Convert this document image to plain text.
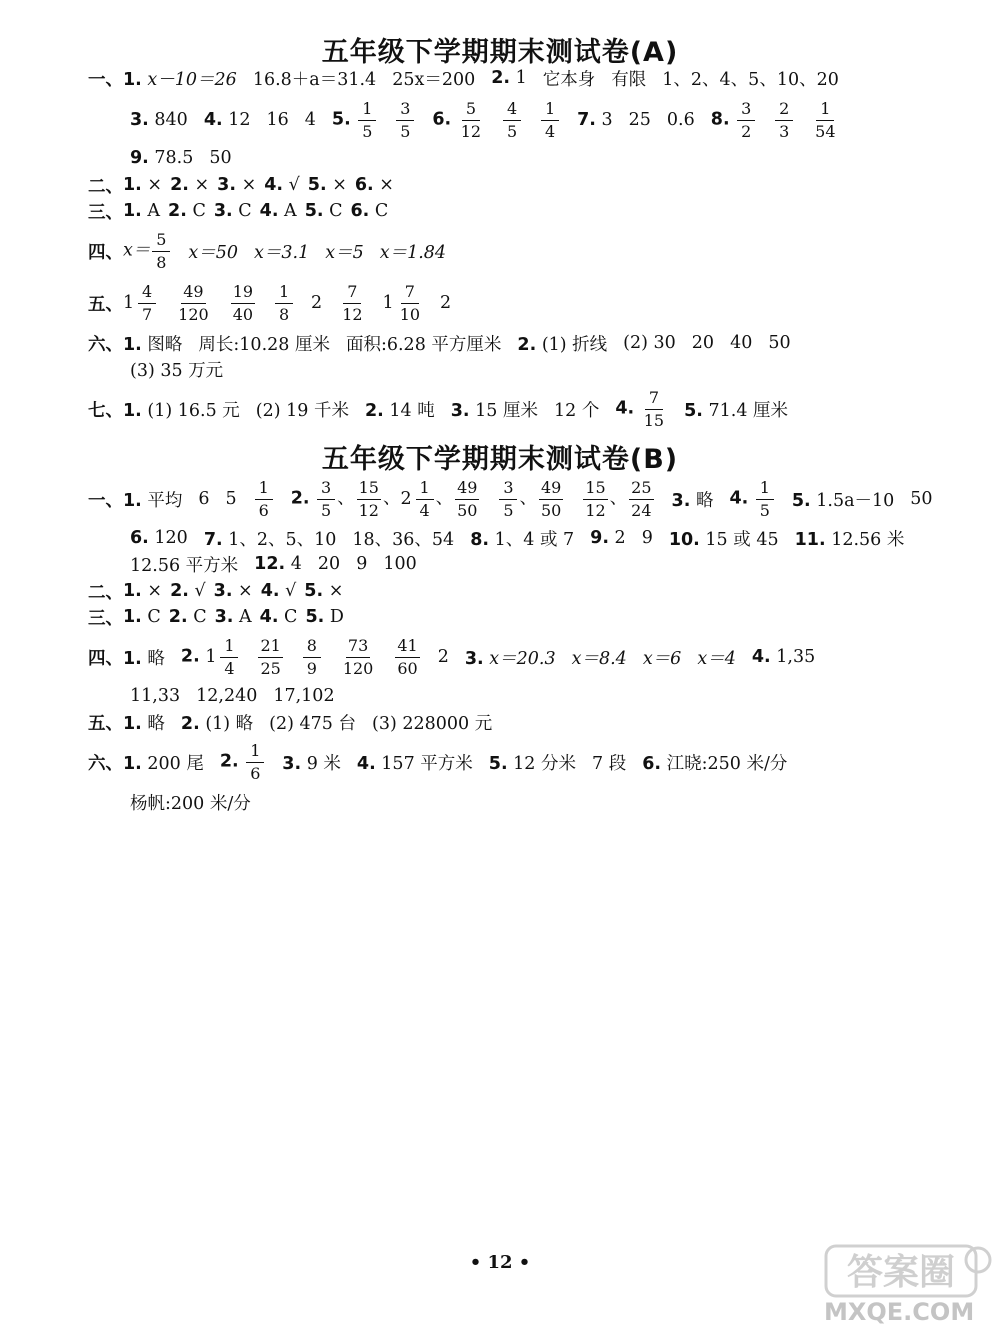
五年级下学期期末测试卷(A)
一、 1. x－10＝26 16.8＋a＝31.4 25x＝200 2. 1 它本身 有限 1、2、4、5、10、20
3. 840 4. 12 16 4 5. $\frac{1}{5} \frac{3}{5} 6$. $\frac{5}{12} \frac{4}{5} \frac{1}{4} 7$. 3 25 0.6 8. $\frac{3}{2} \frac{2}{3} \frac{1}{54}$
9. 78.5 50
二、 1. × 2. × 3. × 4. √ 5. × 6. ×
三、 1. A 2. C 3. C 4. A 5. C 6. C
四、 $x= \frac{5}{8} x=50$ x＝3.1 x＝5 x＝1.84
五、 $1 \frac{4}{7} \frac{49}{120} \frac{19}{40} \frac{1}{8} 2 \frac{7}{12} 1 \frac{7}{10} 2$
六、 1. 图略 周长:10.28 厘米 面积:6.28 平方厘米 2. (1) 折线 (2) 30 20 40 50
(3) 35 万元
七、 1. (1) 16.5 元 (2) 19 千米 2. 14 吨 3. 15 厘米 12 个 4. $\frac{7}{15} 5$. 71.4 厘米
五年级下学期期末测试卷(B)
一、 1. 平均 6 $5 \frac{1}{6} 2$. $\frac{3}{5}$ 、 $\frac{15}{12}$ 、$2 \frac{1}{4}$ 、 $\frac{49}{50} \frac{3}{5}$ 、 $\frac{49}{50} \frac{15}{12}$ 、 $\frac{25}{24} 3$. 略 4. $\frac{1}{5} 5$. 1.5a－10 50
6. 120 7. 1、2、5、10 18、36、54 8. 1、4 或 7 9. 2 9 10. 15 或 45 11. 12.56 米
12.56 平方米 12. 4 20 9 100
二、 1. × 2. √ 3. × 4. √ 5. ×
三、 1. C 2. C 3. A 4. C 5. D
四、 1. 略 2. $1 \frac{1}{4} \frac{21}{25} \frac{8}{9} \frac{73}{120} \frac{41}{60} 2$ 3. x＝20.3 x＝8.4 x＝6 x＝4 4. 1,35
11,33 12,240 17,102
五、 1. 略 2. (1) 略 (2) 475 台 (3) 228000 元
六、 1. 200 尾 2. $\frac{1}{6} 3$. 9 米 4. 157 平方米 5. 12 分米 7 段 6. 江晓:250 米/分
杨帆:200 米/分
• 12 •	答案圈
MXQE.COM
